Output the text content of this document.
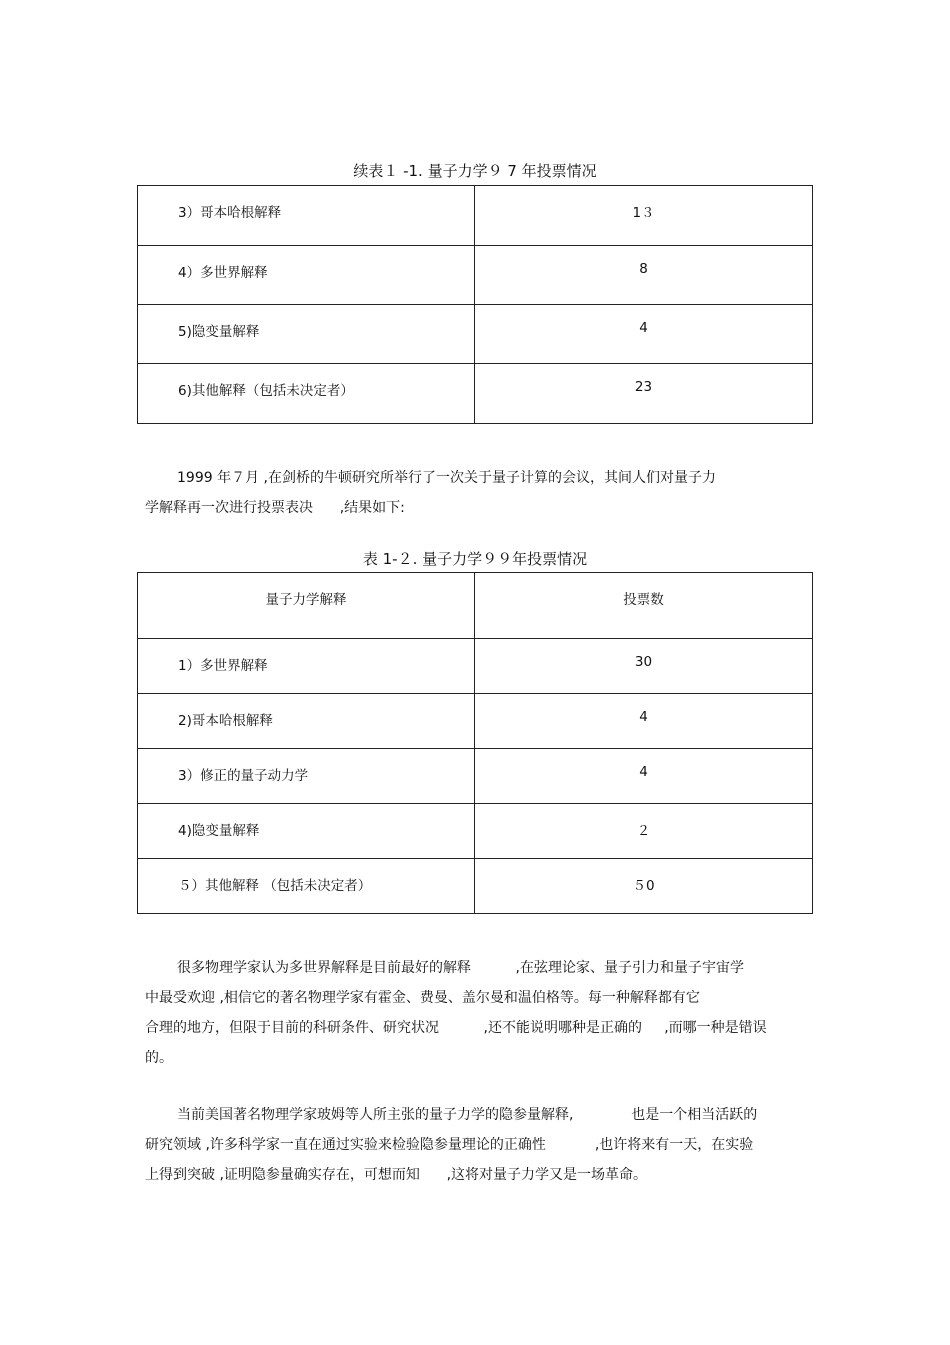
续表１ -1. 量子力学９ 7 年投票情况
3）哥本哈根解释	1３

4）多世界解释	8

5)隐变量解释	4

6)其他解释（包括未决定者）	23

1999 年７月 ,在剑桥的牛顿研究所举行了一次关于量子计算的会议，其间人们对量子力
学解释再一次进行投票表决      ,结果如下:

表 1-２. 量子力学９９年投票情况
量子力学解释	投票数

1）多世界解释	30

2)哥本哈根解释	4

3）修正的量子动力学	4

4)隐变量解释	２

５）其他解释 （包括未决定者）	５0

很多物理学家认为多世界解释是目前最好的解释          ,在弦理论家、量子引力和量子宇宙学
中最受欢迎 ,相信它的著名物理学家有霍金、费曼、盖尔曼和温伯格等。每一种解释都有它
合理的地方，但限于目前的科研条件、研究状况          ,还不能说明哪种是正确的     ,而哪一种是错误
的。

当前美国著名物理学家玻姆等人所主张的量子力学的隐参量解释,             也是一个相当活跃的
研究领域 ,许多科学家一直在通过实验来检验隐参量理论的正确性           ,也许将来有一天，在实验
上得到突破 ,证明隐参量确实存在，可想而知      ,这将对量子力学又是一场革命。
